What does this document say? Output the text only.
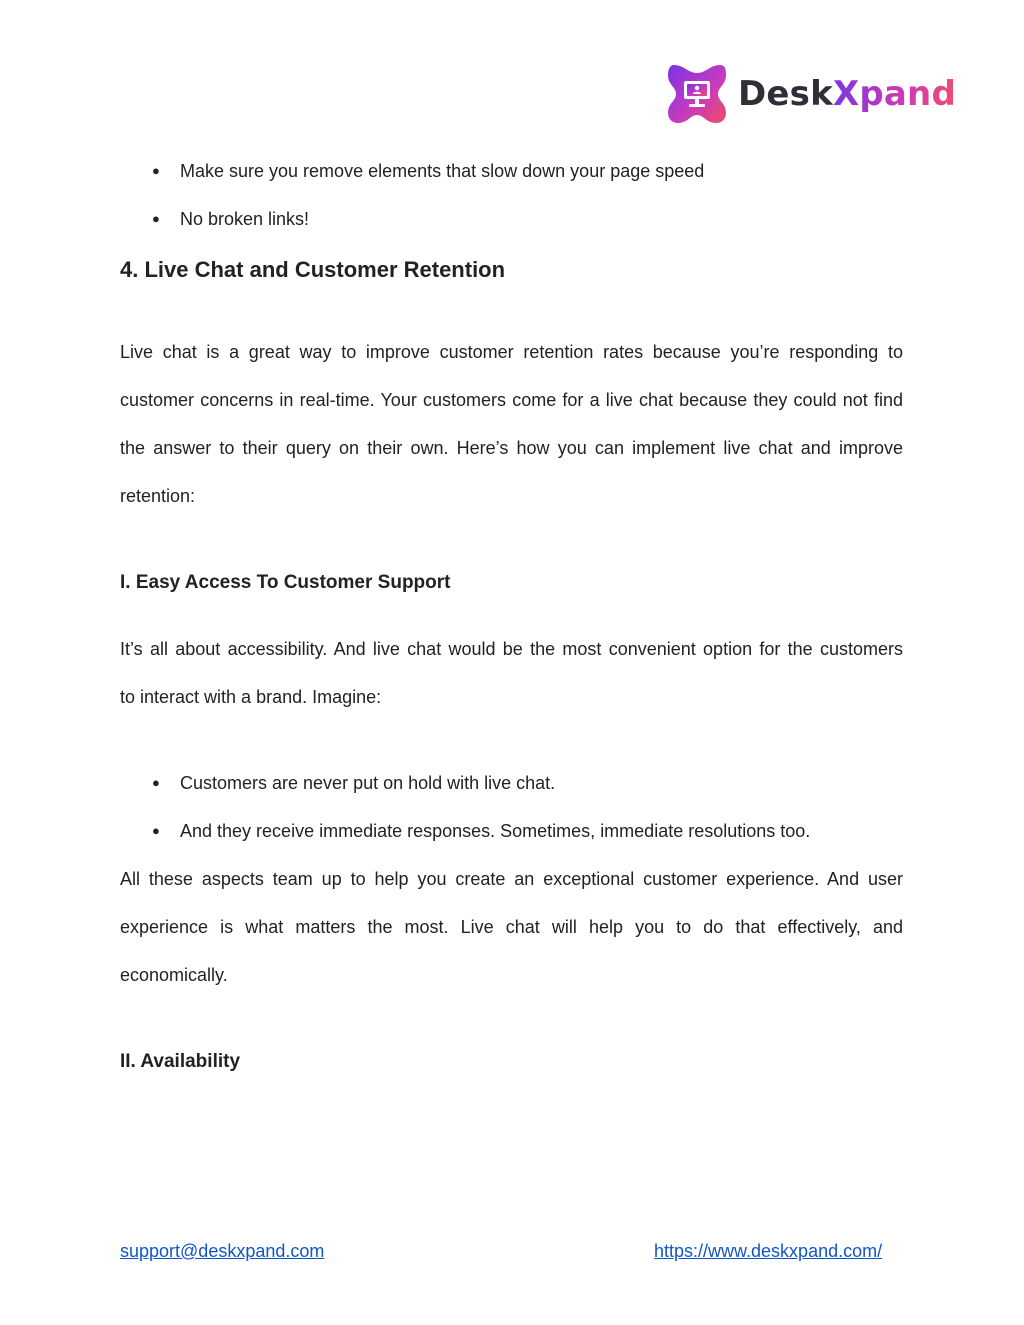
Desk Xpand
●	Make sure you remove elements that slow down your page speed
●	No broken links!
4. Live Chat and Customer Retention
Live chat is a great way to improve customer retention rates because you’re responding to
customer concerns in real-time. Your customers come for a live chat because they could not find
the answer to their query on their own. Here’s how you can implement live chat and improve
retention:
I. Easy Access To Customer Support
It’s all about accessibility. And live chat would be the most convenient option for the customers
to interact with a brand. Imagine:
●	Customers are never put on hold with live chat.
●	And they receive immediate responses. Sometimes, immediate resolutions too.
All these aspects team up to help you create an exceptional customer experience. And user
experience is what matters the most. Live chat will help you to do that effectively, and
economically.
II. Availability
support@deskxpand.com	https://www.deskxpand.com/
